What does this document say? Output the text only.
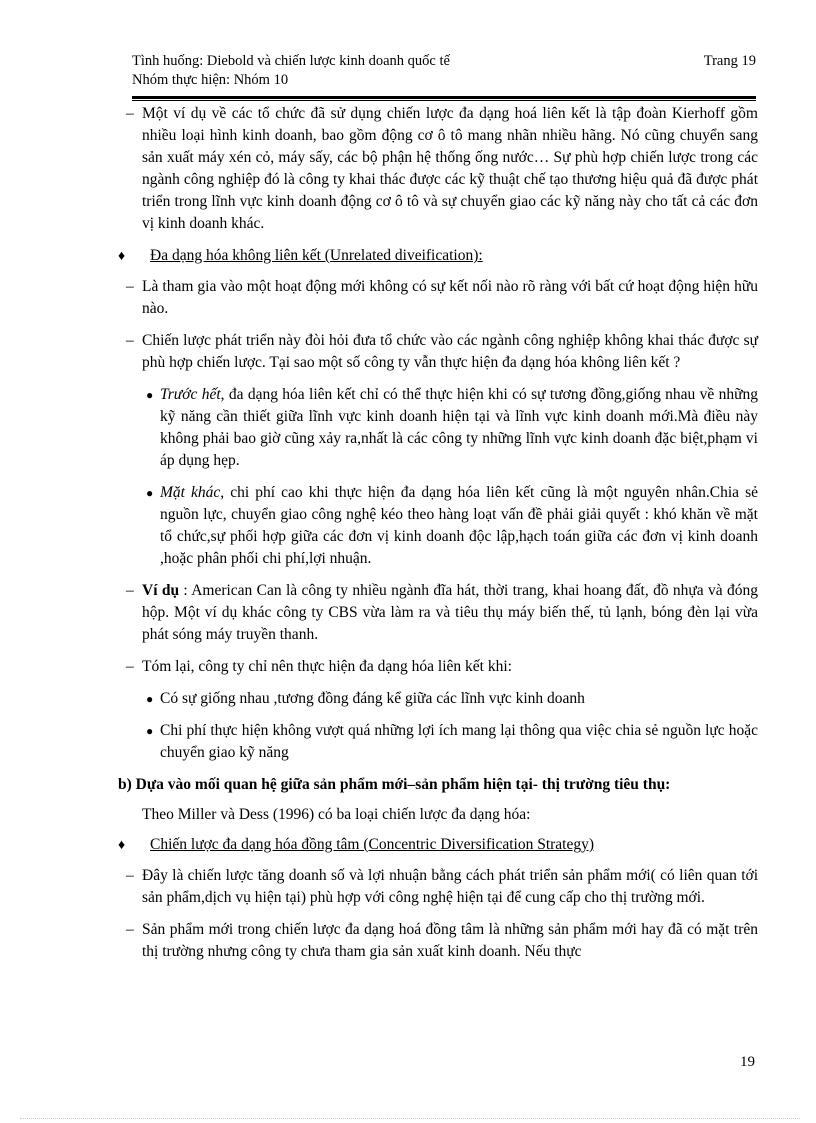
Tình huống: Diebold và chiến lược kinh doanh quốc tế	Trang 19
Nhóm thực hiện: Nhóm 10

– Một ví dụ về các tổ chức đã sử dụng chiến lược đa dạng hoá liên kết là tập đoàn Kierhoff gồm nhiều loại hình kinh doanh, bao gồm động cơ ô tô mang nhãn nhiều hãng. Nó cũng chuyển sang sản xuất máy xén cỏ, máy sấy, các bộ phận hệ thống ống nước… Sự phù hợp chiến lược trong các ngành công nghiệp đó là công ty khai thác được các kỹ thuật chế tạo thương hiệu quả đã được phát triển trong lĩnh vực kinh doanh động cơ ô tô và sự chuyển giao các kỹ năng này cho tất cả các đơn vị kinh doanh khác.

♦ Đa dạng hóa không liên kết (Unrelated diveification):

– Là tham gia vào một hoạt động mới không có sự kết nối nào rõ ràng với bất cứ hoạt động hiện hữu nào.

– Chiến lược phát triển này đòi hỏi đưa tổ chức vào các ngành công nghiệp không khai thác được sự phù hợp chiến lược. Tại sao một số công ty vẫn thực hiện đa dạng hóa không liên kết ?

● Trước hết, đa dạng hóa liên kết chỉ có thể thực hiện khi có sự tương đồng,giống nhau về những kỹ năng cần thiết giữa lĩnh vực kinh doanh hiện tại và lĩnh vực kinh doanh mới.Mà điều này không phải bao giờ cũng xảy ra,nhất là các công ty những lĩnh vực kinh doanh đặc biệt,phạm vi áp dụng hẹp.

● Mặt khác, chi phí cao khi thực hiện đa dạng hóa liên kết cũng là một nguyên nhân.Chia sẻ nguồn lực, chuyển giao công nghệ kéo theo hàng loạt vấn đề phải giải quyết : khó khăn về mặt tổ chức,sự phối hợp giữa các đơn vị kinh doanh độc lập,hạch toán giữa các đơn vị kinh doanh ,hoặc phân phối chi phí,lợi nhuận.

– Ví dụ : American Can là công ty nhiều ngành đĩa hát, thời trang, khai hoang đất, đồ nhựa và đóng hộp. Một ví dụ khác công ty CBS vừa làm ra và tiêu thụ máy biến thế, tủ lạnh, bóng đèn lại vừa phát sóng máy truyền thanh.

– Tóm lại, công ty chỉ nên thực hiện đa dạng hóa liên kết khi:

● Có sự giống nhau ,tương đồng đáng kể giữa các lĩnh vực kinh doanh

● Chi phí thực hiện không vượt quá những lợi ích mang lại thông qua việc chia sẻ nguồn lực hoặc chuyển giao kỹ năng

b) Dựa vào mối quan hệ giữa sản phẩm mới–sản phẩm hiện tại- thị trường tiêu thụ:

Theo Miller và Dess (1996) có ba loại chiến lược đa dạng hóa:

♦ Chiến lược đa dạng hóa đồng tâm (Concentric Diversification Strategy)

– Đây là chiến lược tăng doanh số và lợi nhuận bằng cách phát triển sản phẩm mới( có liên quan tới sản phẩm,dịch vụ hiện tại) phù hợp với công nghệ hiện tại để cung cấp cho thị trường mới.

– Sản phẩm mới trong chiến lược đa dạng hoá đồng tâm là những sản phẩm mới hay đã có mặt trên thị trường nhưng công ty chưa tham gia sản xuất kinh doanh. Nếu thực

19
